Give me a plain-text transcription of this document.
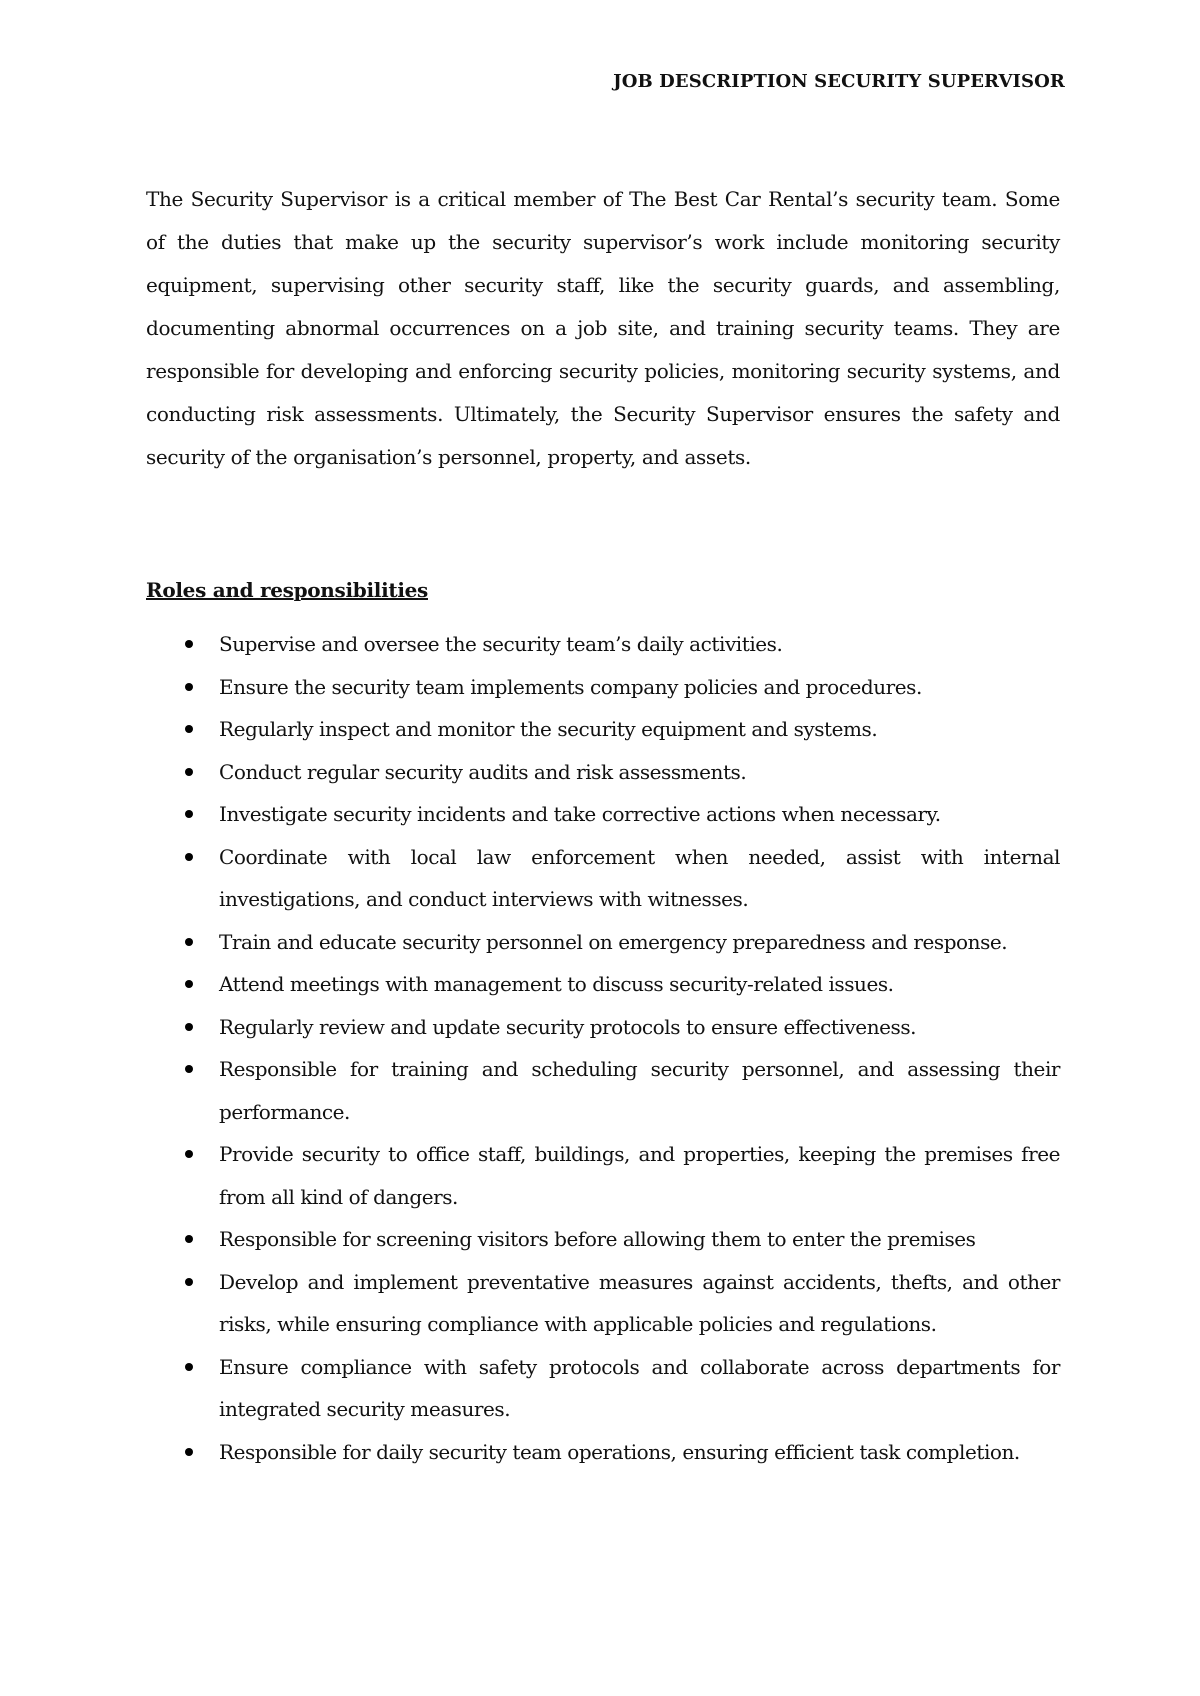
JOB DESCRIPTION SECURITY SUPERVISOR

The Security Supervisor is a critical member of The Best Car Rental’s security team. Some of the duties that make up the security supervisor’s work include monitoring security equipment, supervising other security staff, like the security guards, and assembling, documenting abnormal occurrences on a job site, and training security teams. They are responsible for developing and enforcing security policies, monitoring security systems, and conducting risk assessments. Ultimately, the Security Supervisor ensures the safety and security of the organisation’s personnel, property, and assets.

Roles and responsibilities
Supervise and oversee the security team’s daily activities.
Ensure the security team implements company policies and procedures.
Regularly inspect and monitor the security equipment and systems.
Conduct regular security audits and risk assessments.
Investigate security incidents and take corrective actions when necessary.
Coordinate with local law enforcement when needed, assist with internal investigations, and conduct interviews with witnesses.
Train and educate security personnel on emergency preparedness and response.
Attend meetings with management to discuss security-related issues.
Regularly review and update security protocols to ensure effectiveness.
Responsible for training and scheduling security personnel, and assessing their performance.
Provide security to office staff, buildings, and properties, keeping the premises free from all kind of dangers.
Responsible for screening visitors before allowing them to enter the premises
Develop and implement preventative measures against accidents, thefts, and other risks, while ensuring compliance with applicable policies and regulations.
Ensure compliance with safety protocols and collaborate across departments for integrated security measures.
Responsible for daily security team operations, ensuring efficient task completion.
